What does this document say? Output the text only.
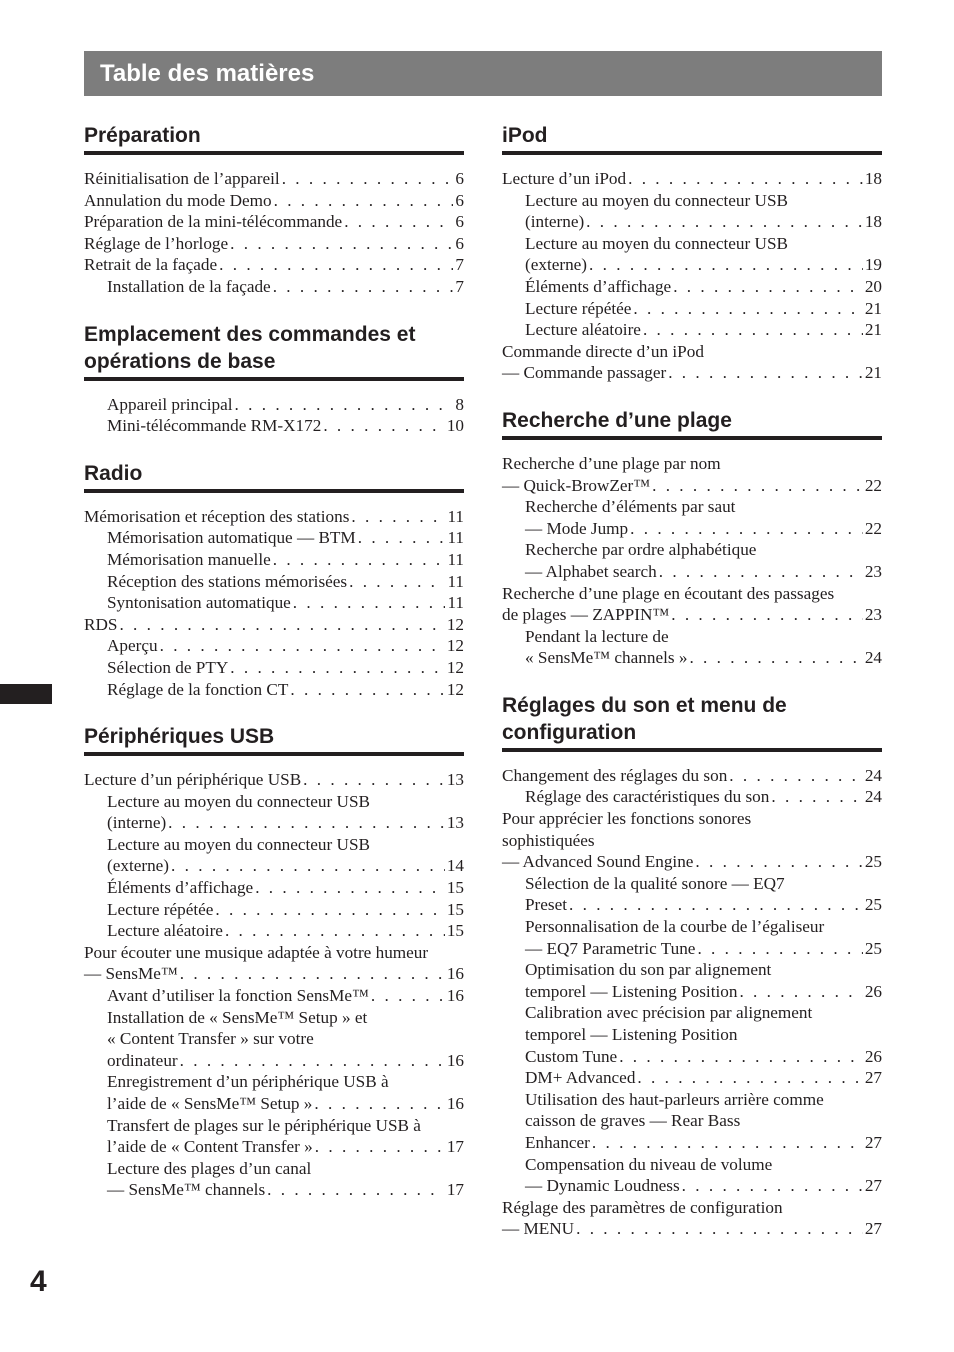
Table des matières
Préparation
Réinitialisation de l’appareil . . .	6
Annulation du mode Demo . . .	6
Préparation de la mini-télécommande . . .	6
Réglage de l’horloge . . .	6
Retrait de la façade . . .	7
Installation de la façade . . .	7
Emplacement des commandes et opérations de base
Appareil principal . . .	8
Mini-télécommande RM-X172 . . .	10
Radio
Mémorisation et réception des stations . . .	11
Mémorisation automatique — BTM . . .	11
Mémorisation manuelle . . .	11
Réception des stations mémorisées . . .	11
Syntonisation automatique . . .	11
RDS . . .	12
Aperçu . . .	12
Sélection de PTY . . .	12
Réglage de la fonction CT . . .	12
Périphériques USB
Lecture d’un périphérique USB . . .	13
Lecture au moyen du connecteur USB
(interne) . . .	13
Lecture au moyen du connecteur USB
(externe) . . .	14
Éléments d’affichage . . .	15
Lecture répétée . . .	15
Lecture aléatoire . . .	15
Pour écouter une musique adaptée à votre humeur
— SensMe™ . . .	16
Avant d’utiliser la fonction SensMe™ . . .	16
Installation de « SensMe™ Setup » et
« Content Transfer » sur votre
ordinateur . . .	16
Enregistrement d’un périphérique USB à
l’aide de « SensMe™ Setup » . . .	16
Transfert de plages sur le périphérique USB à
l’aide de « Content Transfer » . . .	17
Lecture des plages d’un canal
— SensMe™ channels . . .	17
iPod
Lecture d’un iPod . . .	18
Lecture au moyen du connecteur USB
(interne) . . .	18
Lecture au moyen du connecteur USB
(externe) . . .	19
Éléments d’affichage . . .	20
Lecture répétée . . .	21
Lecture aléatoire . . .	21
Commande directe d’un iPod
— Commande passager . . .	21
Recherche d’une plage
Recherche d’une plage par nom
— Quick-BrowZer™ . . .	22
Recherche d’éléments par saut
— Mode Jump . . .	22
Recherche par ordre alphabétique
— Alphabet search . . .	23
Recherche d’une plage en écoutant des passages
de plages — ZAPPIN™ . . .	23
Pendant la lecture de
« SensMe™ channels » . . .	24
Réglages du son et menu de configuration
Changement des réglages du son . . .	24
Réglage des caractéristiques du son . . .	24
Pour apprécier les fonctions sonores
sophistiquées
— Advanced Sound Engine . . .	25
Sélection de la qualité sonore — EQ7
Preset . . .	25
Personnalisation de la courbe de l’égaliseur
— EQ7 Parametric Tune . . .	25
Optimisation du son par alignement
temporel — Listening Position . . .	26
Calibration avec précision par alignement
temporel — Listening Position
Custom Tune . . .	26
DM+ Advanced . . .	27
Utilisation des haut-parleurs arrière comme
caisson de graves — Rear Bass
Enhancer . . .	27
Compensation du niveau de volume
— Dynamic Loudness . . .	27
Réglage des paramètres de configuration
— MENU . . .	27
4
